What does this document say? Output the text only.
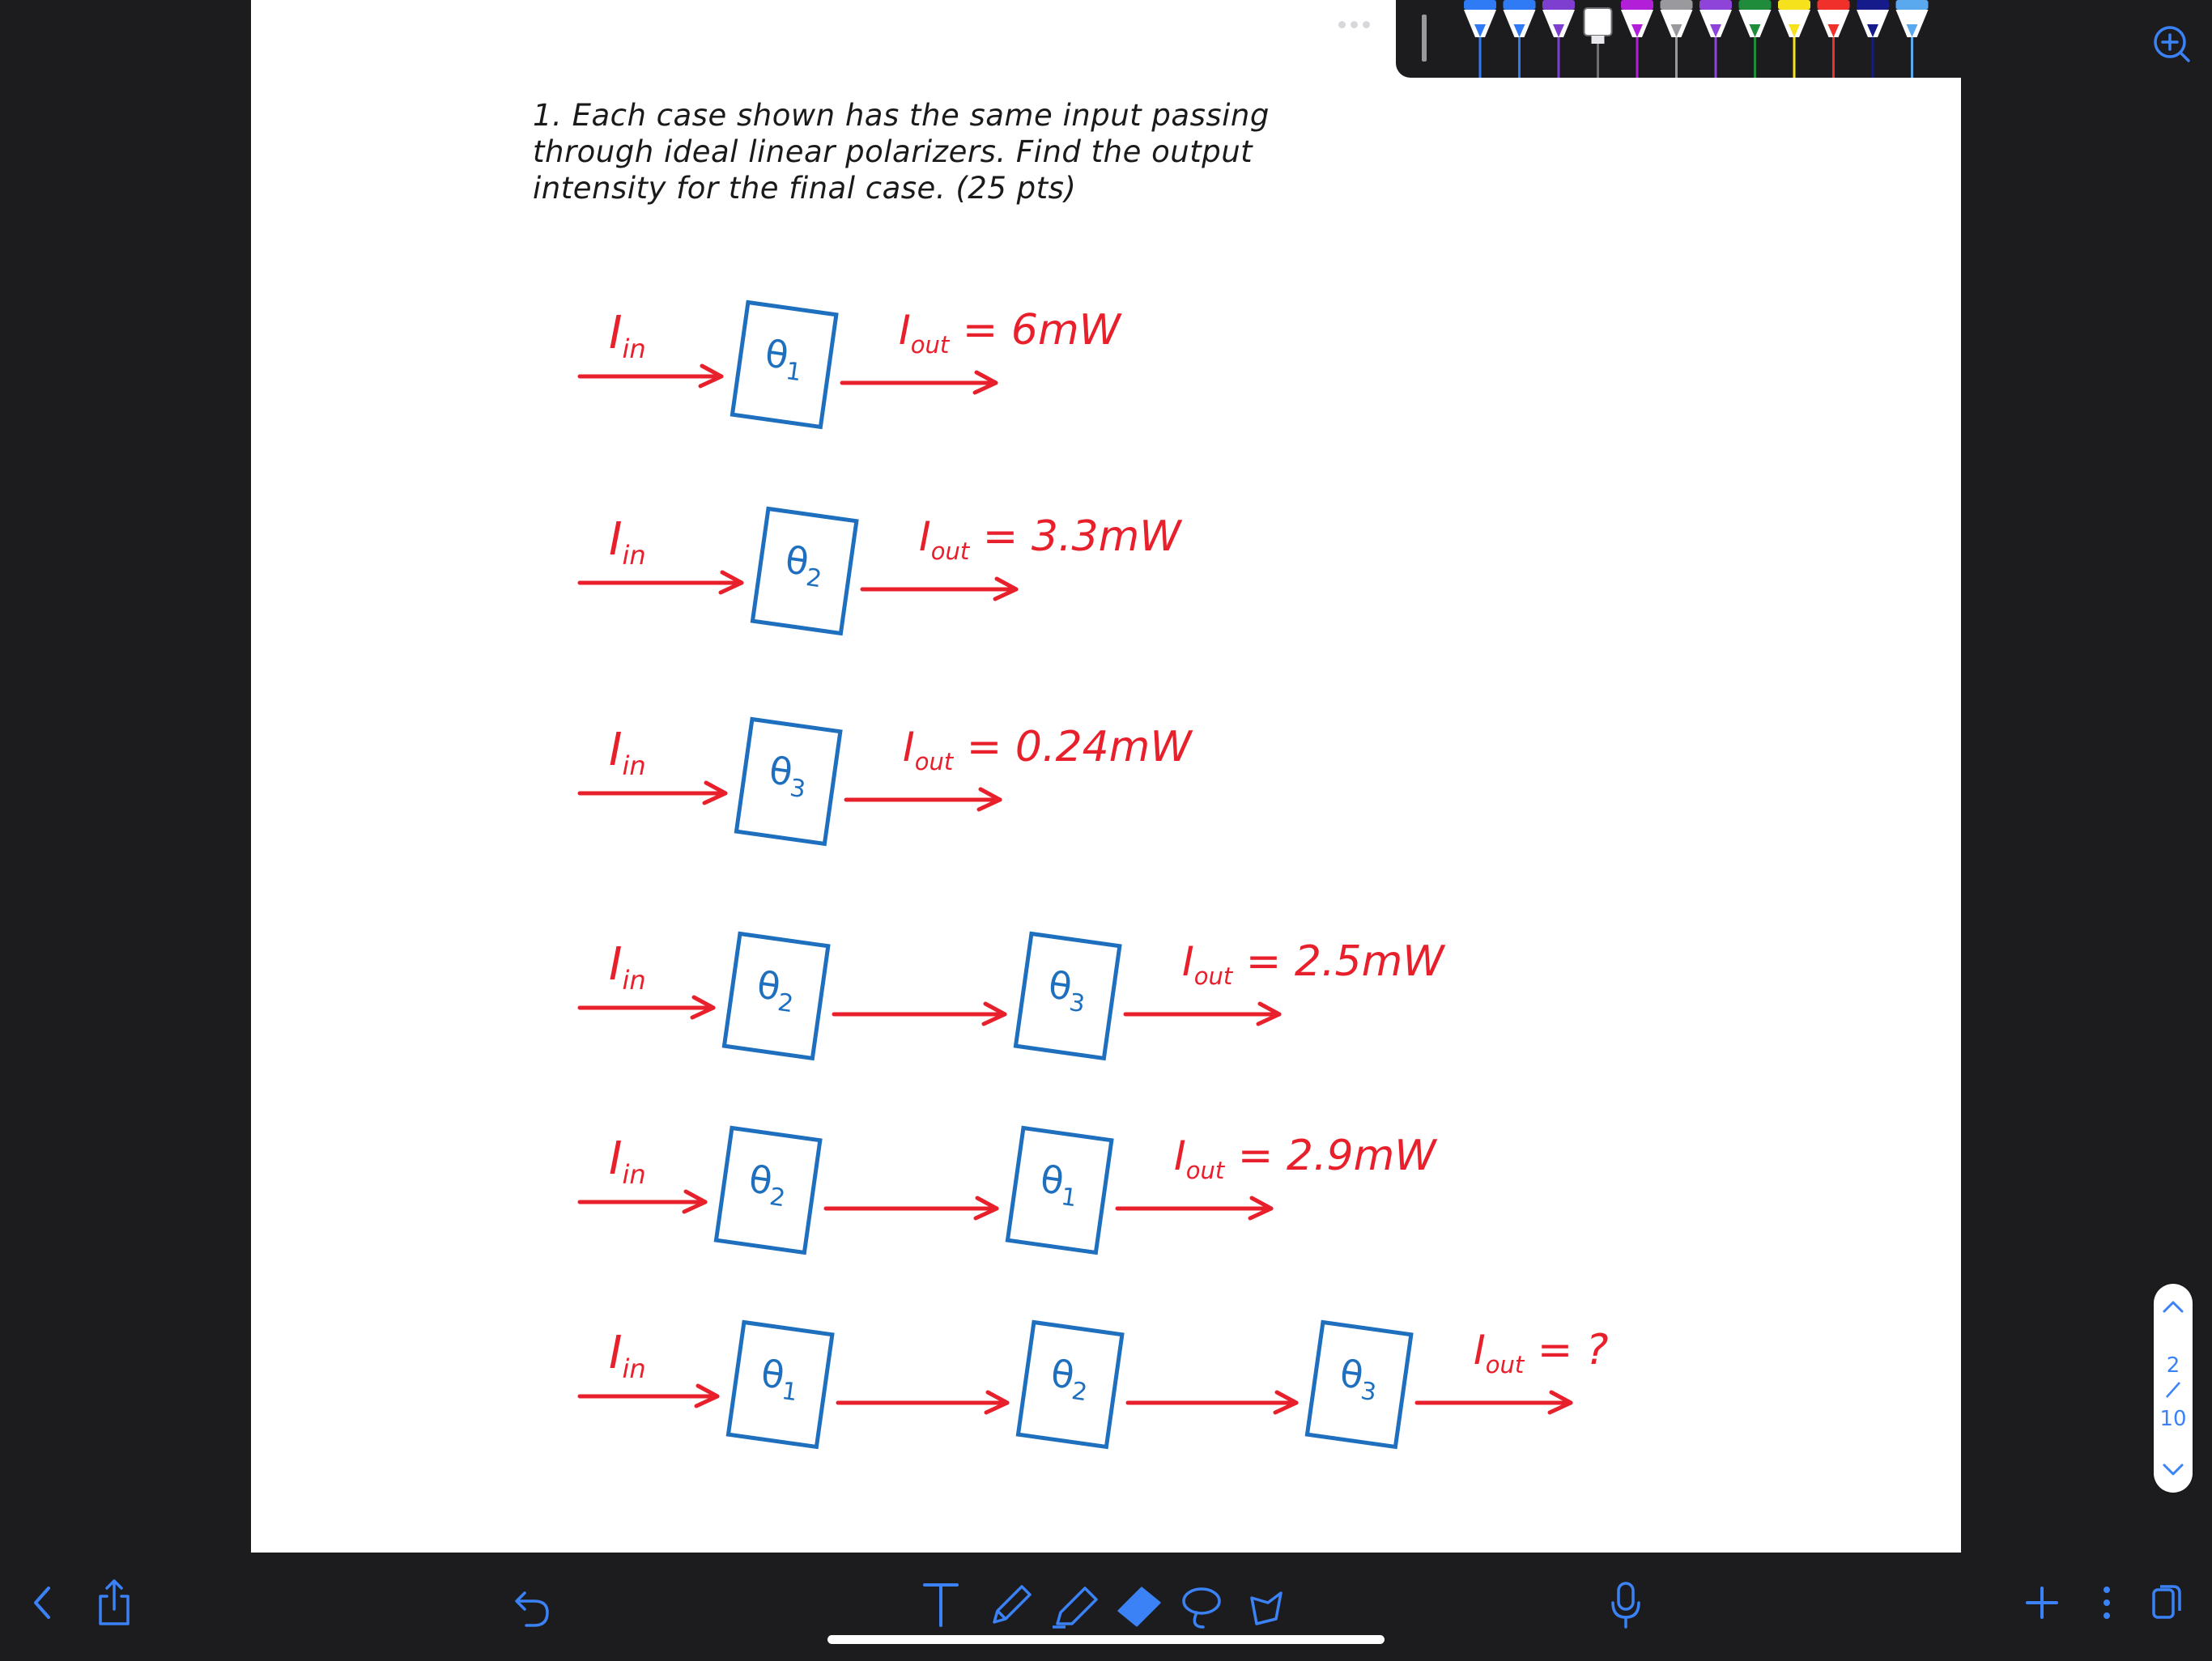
1. Each case shown has the same input passing
through ideal linear polarizers. Find the output
intensity for the final case. (25 pts)
$I_{in}$	$\theta_1$
$I_{out} = 6mW$
$I_{in}$	$\theta_2$
$I_{out} = 3.3mW$
$I_{in}$	$\theta_3$
$I_{out} = 0.24mW$
$I_{in}$	$\theta_2$	$\theta_3$
$I_{out} = 2.5mW$
$I_{in}$	$\theta_2$	$\theta_1$
$I_{out} = 2.9mW$
$I_{in}$	$\theta_1$	$\theta_2$	$\theta_3$
$I_{out}$ = ?	2
10
